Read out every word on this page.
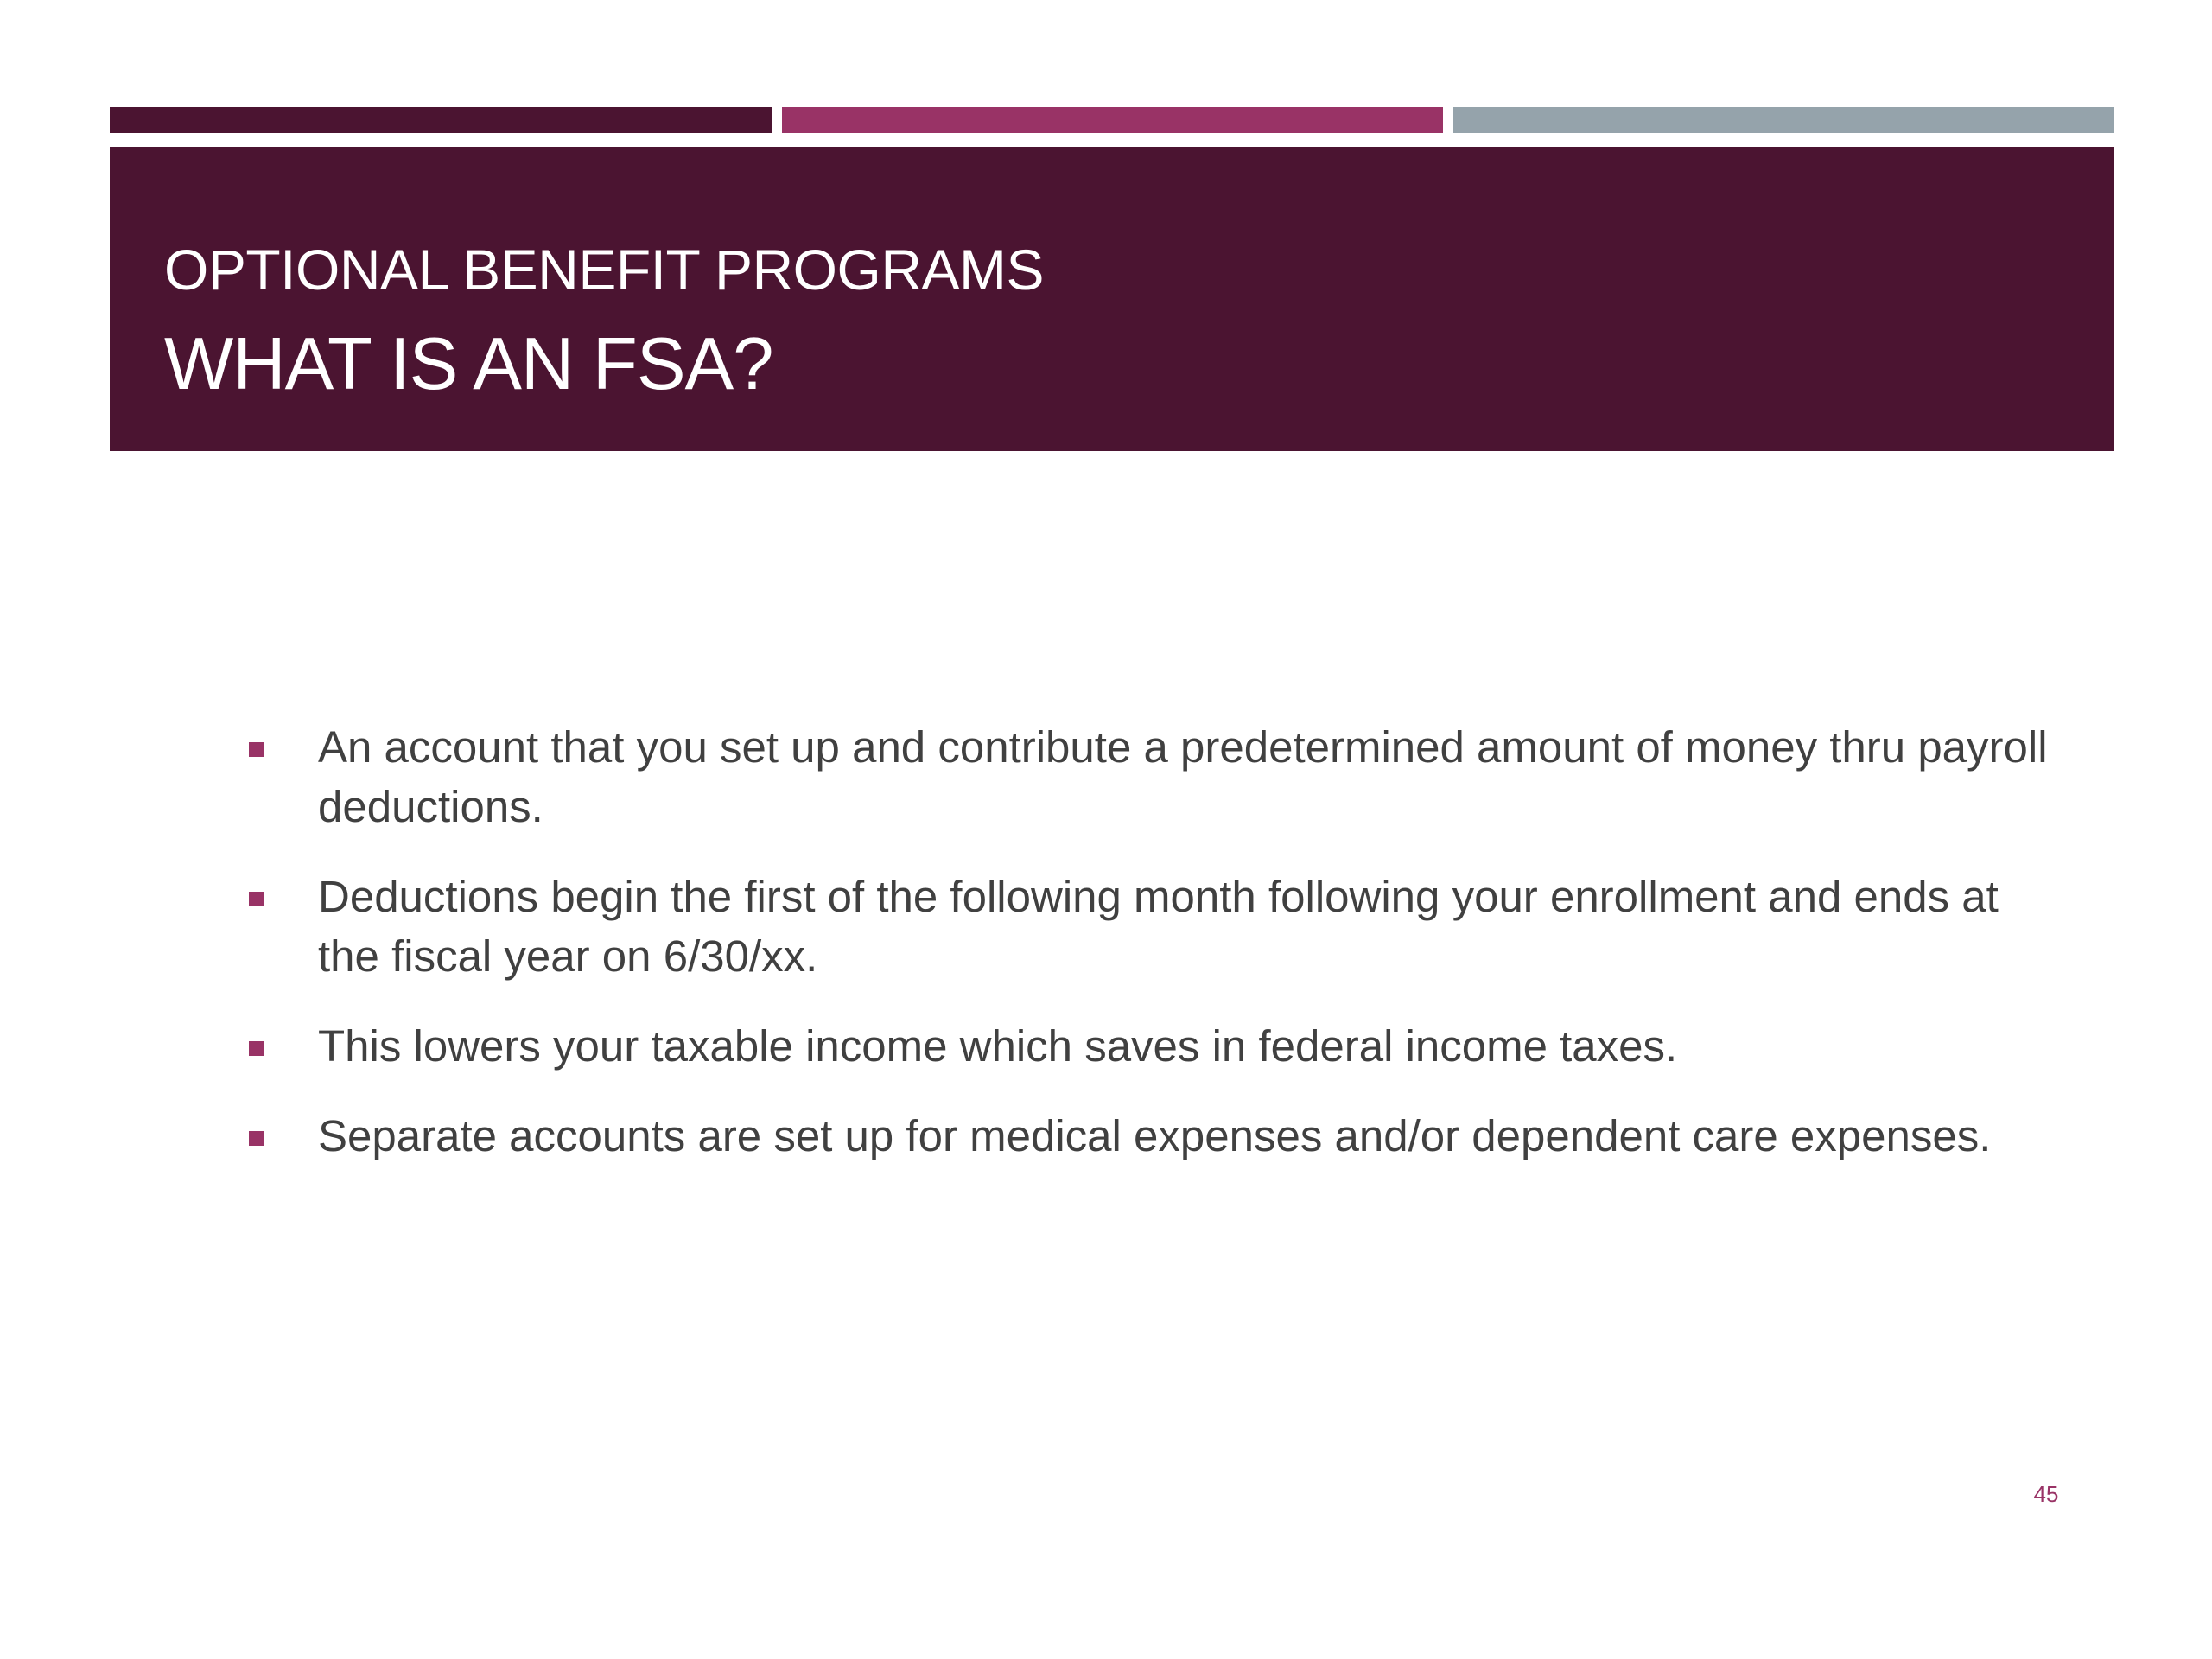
OPTIONAL BENEFIT PROGRAMS
WHAT IS AN FSA?
An account that you set up and contribute a predetermined amount of money thru payroll deductions.
Deductions begin the first of the following month following your enrollment and ends at the fiscal year on 6/30/xx.
This lowers your taxable income which saves in federal income taxes.
Separate accounts are set up for medical expenses and/or dependent care expenses.
45
